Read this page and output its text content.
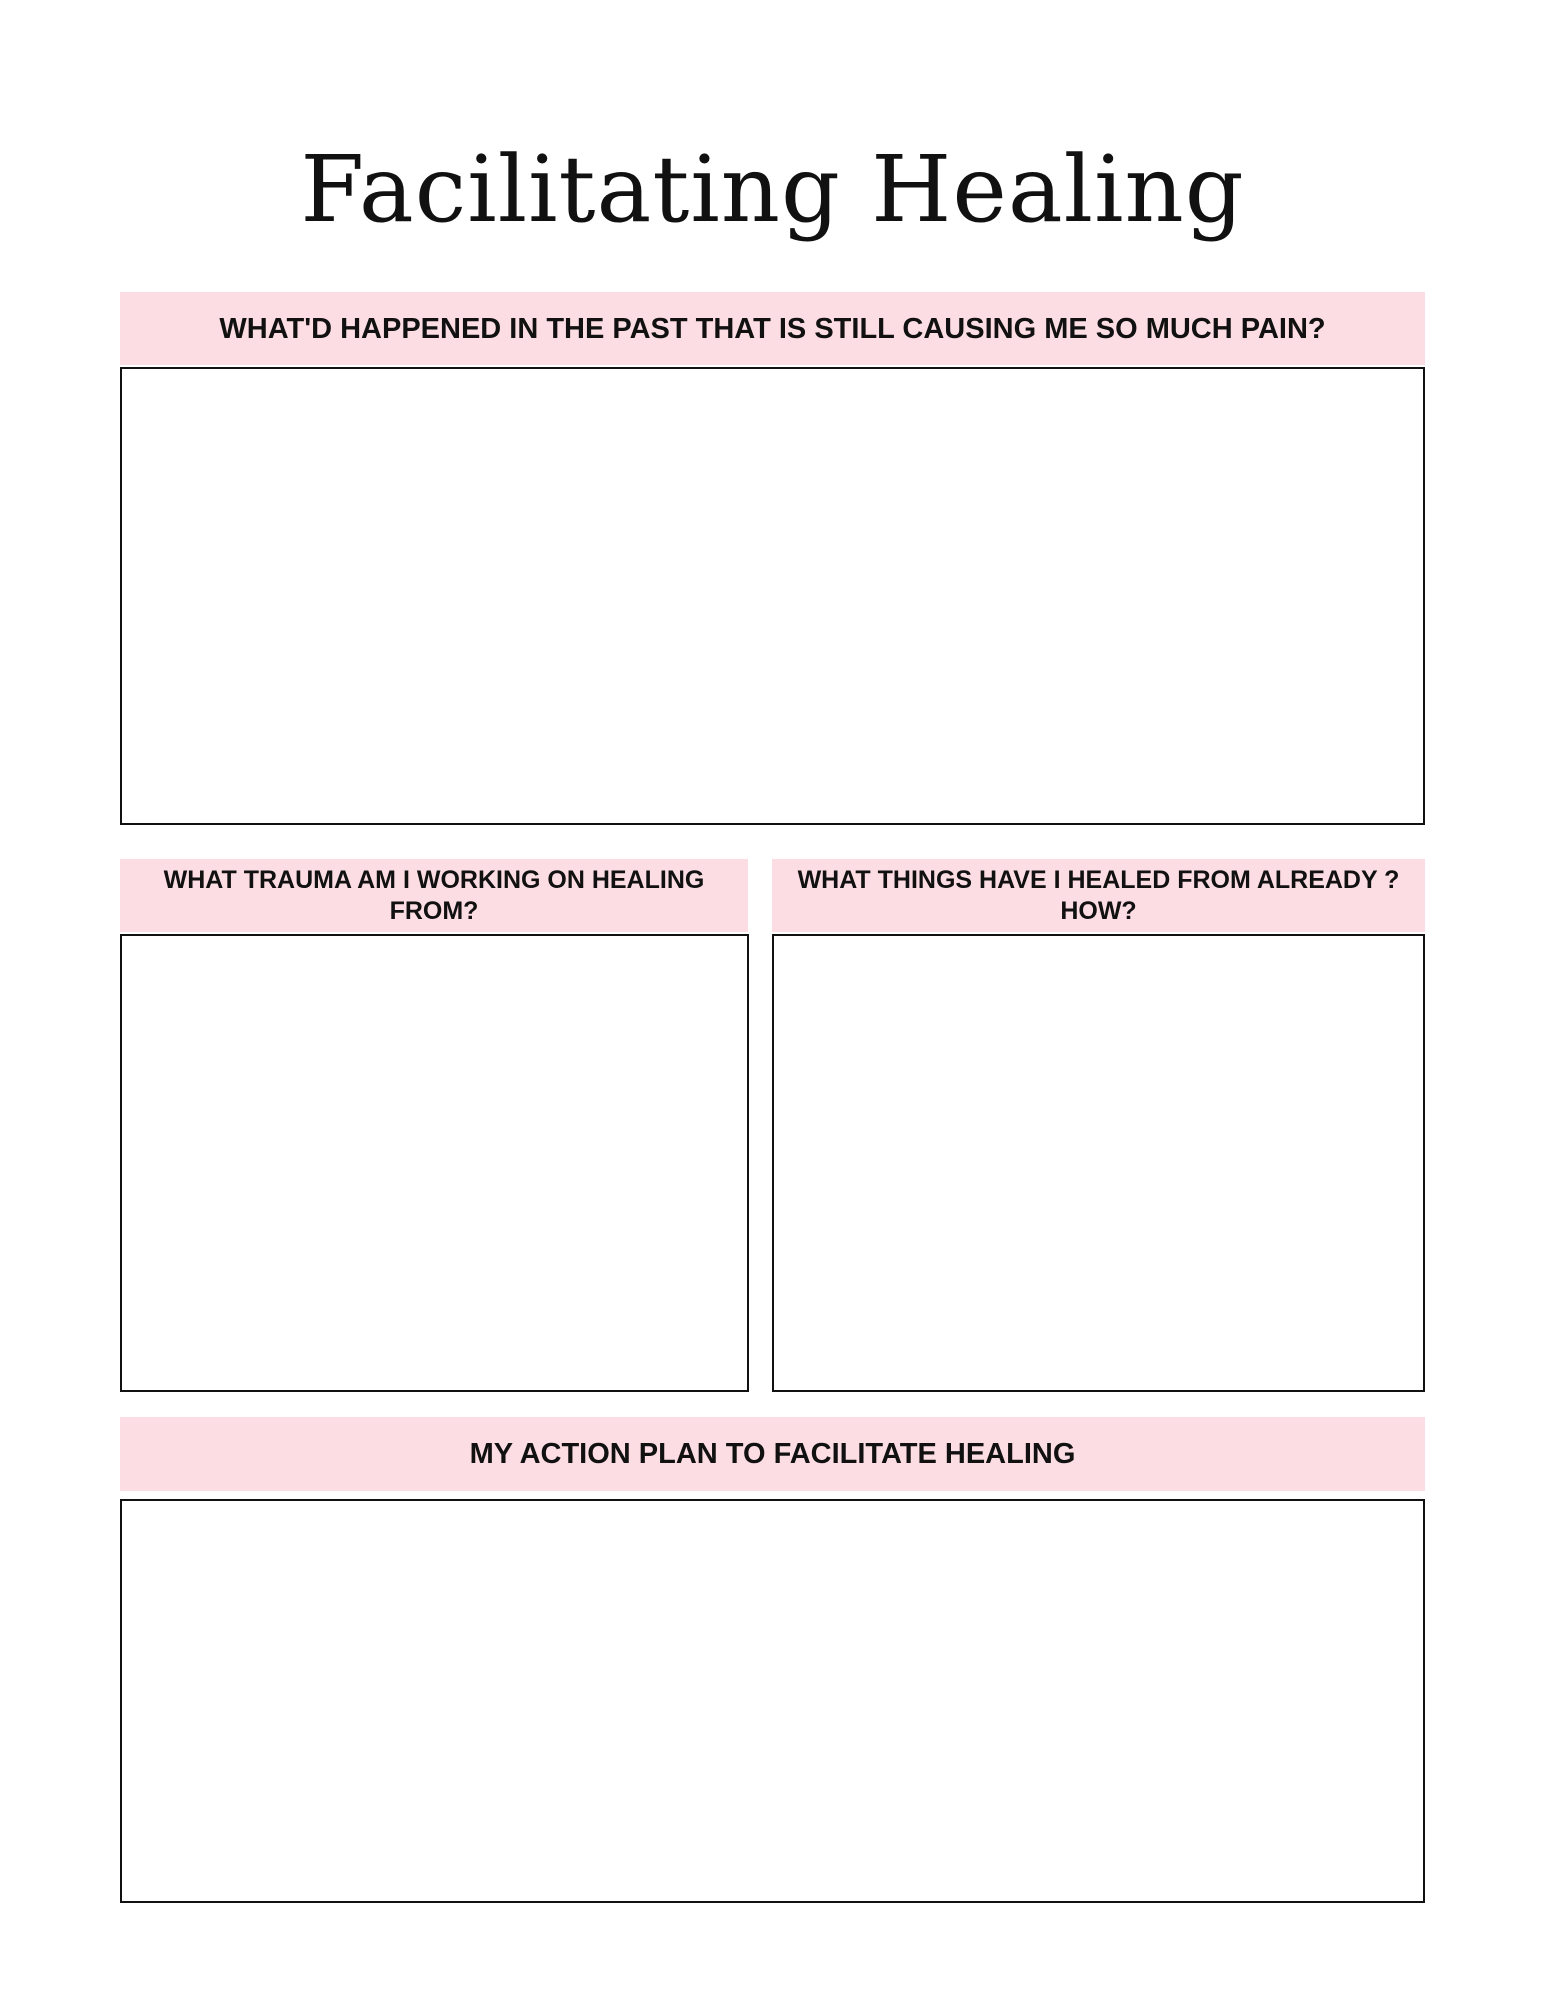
Facilitating Healing
WHAT'D HAPPENED IN THE PAST THAT IS STILL CAUSING ME SO MUCH PAIN?
WHAT TRAUMA AM I WORKING ON HEALING FROM?
WHAT THINGS HAVE I HEALED FROM ALREADY ? HOW?
MY ACTION PLAN TO FACILITATE HEALING
